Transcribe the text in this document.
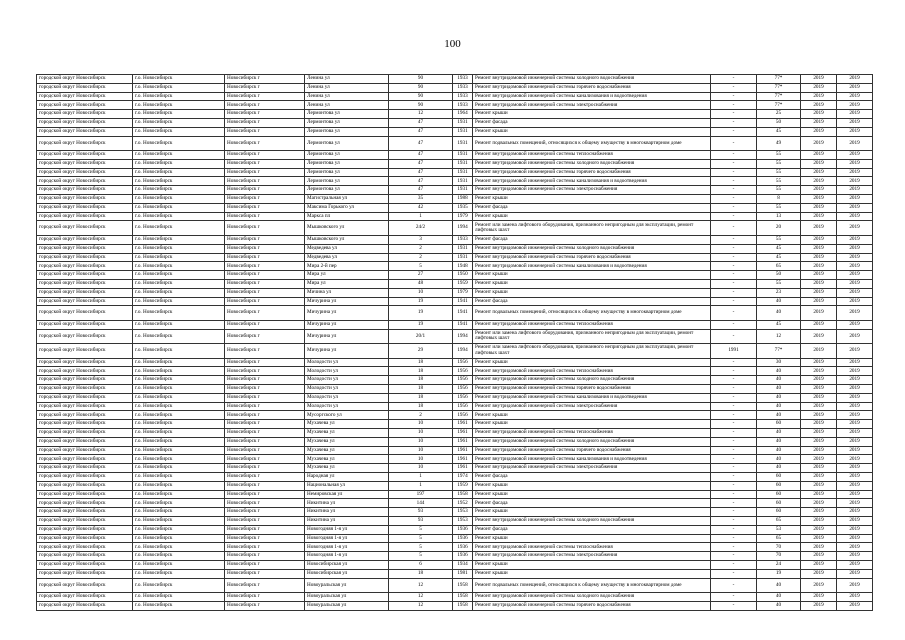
100
городской округ Новосибирск	г.о. Новосибирск	Новосибирск г	Ленина ул	90	1933	Ремонт внутридомовой инженерной системы холодного водоснабжения	-	77*	2019	2019
городской округ Новосибирск	г.о. Новосибирск	Новосибирск г	Ленина ул	90	1933	Ремонт внутридомовой инженерной системы горячего водоснабжения	-	77*	2019	2019
городской округ Новосибирск	г.о. Новосибирск	Новосибирск г	Ленина ул	90	1933	Ремонт внутридомовой инженерной системы канализования и водоотведения	-	77*	2019	2019
городской округ Новосибирск	г.о. Новосибирск	Новосибирск г	Ленина ул	90	1933	Ремонт внутридомовой инженерной системы электроснабжения	-	77*	2019	2019
городской округ Новосибирск	г.о. Новосибирск	Новосибирск г	Лермонтова ул	12	1964	Ремонт крыши	-	25	2019	2019
городской округ Новосибирск	г.о. Новосибирск	Новосибирск г	Лермонтова ул	47	1931	Ремонт фасада	-	50	2019	2019
городской округ Новосибирск	г.о. Новосибирск	Новосибирск г	Лермонтова ул	47	1931	Ремонт крыши	-	45	2019	2019
городской округ Новосибирск	г.о. Новосибирск	Новосибирск г	Лермонтова ул	47	1931	Ремонт подвальных помещений, относящихся к общему имуществу в многоквартирном доме	-	49	2019	2019
городской округ Новосибирск	г.о. Новосибирск	Новосибирск г	Лермонтова ул	47	1931	Ремонт внутридомовой инженерной системы теплоснабжения	-	55	2019	2019
городской округ Новосибирск	г.о. Новосибирск	Новосибирск г	Лермонтова ул	47	1931	Ремонт внутридомовой инженерной системы холодного водоснабжения	-	55	2019	2019
городской округ Новосибирск	г.о. Новосибирск	Новосибирск г	Лермонтова ул	47	1931	Ремонт внутридомовой инженерной системы горячего водоснабжения	-	55	2019	2019
городской округ Новосибирск	г.о. Новосибирск	Новосибирск г	Лермонтова ул	47	1931	Ремонт внутридомовой инженерной системы канализования и водоотведения	-	55	2019	2019
городской округ Новосибирск	г.о. Новосибирск	Новосибирск г	Лермонтова ул	47	1931	Ремонт внутридомовой инженерной системы электроснабжения	-	55	2019	2019
городской округ Новосибирск	г.о. Новосибирск	Новосибирск г	Магистральная ул	35	1988	Ремонт крыши	-	8	2019	2019
городской округ Новосибирск	г.о. Новосибирск	Новосибирск г	Максима Горького ул	42	1935	Ремонт фасада	-	55	2019	2019
городской округ Новосибирск	г.о. Новосибирск	Новосибирск г	Маркса пл	1	1979	Ремонт крыши	-	13	2019	2019
городской округ Новосибирск	г.о. Новосибирск	Новосибирск г	Мышковского ул	24/2	1994	Ремонт или замена лифтового оборудования, признанного непригодным для эксплуатации, ремонт лифтовых шахт	-	20	2019	2019
городской округ Новосибирск	г.о. Новосибирск	Новосибирск г	Мышковского ул	3	1933	Ремонт фасада	-	55	2019	2019
городской округ Новосибирск	г.о. Новосибирск	Новосибирск г	Медведева ул	2	1931	Ремонт внутридомовой инженерной системы холодного водоснабжения	-	45	2019	2019
городской округ Новосибирск	г.о. Новосибирск	Новосибирск г	Медведева ул	2	1931	Ремонт внутридомовой инженерной системы горячего водоснабжения	-	45	2019	2019
городской округ Новосибирск	г.о. Новосибирск	Новосибирск г	Мира 2-й пер	5	1948	Ремонт внутридомовой инженерной системы канализования и водоотведения	-	65	2019	2019
городской округ Новосибирск	г.о. Новосибирск	Новосибирск г	Мира ул	27	1950	Ремонт крыши	-	50	2019	2019
городской округ Новосибирск	г.о. Новосибирск	Новосибирск г	Мира ул	48	1959	Ремонт крыши	-	55	2019	2019
городской округ Новосибирск	г.о. Новосибирск	Новосибирск г	Мичина ул	10	1979	Ремонт крыши	-	23	2019	2019
городской округ Новосибирск	г.о. Новосибирск	Новосибирск г	Мичурина ул	19	1941	Ремонт фасада	-	40	2019	2019
городской округ Новосибирск	г.о. Новосибирск	Новосибирск г	Мичурина ул	19	1941	Ремонт подвальных помещений, относящихся к общему имуществу в многоквартирном доме	-	40	2019	2019
городской округ Новосибирск	г.о. Новосибирск	Новосибирск г	Мичурина ул	19	1941	Ремонт внутридомовой инженерной системы теплоснабжения	-	45	2019	2019
городской округ Новосибирск	г.о. Новосибирск	Новосибирск г	Мичурина ул	20/1	1994	Ремонт или замена лифтового оборудования, признанного непригодным для эксплуатации, ремонт лифтовых шахт	-	12	2019	2019
городской округ Новосибирск	г.о. Новосибирск	Новосибирск г	Мичурина ул	29	1994	Ремонт или замена лифтового оборудования, признанного непригодным для эксплуатации, ремонт лифтовых шахт	1991	77*	2019	2019
городской округ Новосибирск	г.о. Новосибирск	Новосибирск г	Молодости ул	18	1956	Ремонт крыши	-	30	2019	2019
городской округ Новосибирск	г.о. Новосибирск	Новосибирск г	Молодости ул	18	1956	Ремонт внутридомовой инженерной системы теплоснабжения	-	40	2019	2019
городской округ Новосибирск	г.о. Новосибирск	Новосибирск г	Молодости ул	18	1956	Ремонт внутридомовой инженерной системы холодного водоснабжения	-	40	2019	2019
городской округ Новосибирск	г.о. Новосибирск	Новосибирск г	Молодости ул	18	1956	Ремонт внутридомовой инженерной системы горячего водоснабжения	-	40	2019	2019
городской округ Новосибирск	г.о. Новосибирск	Новосибирск г	Молодости ул	18	1956	Ремонт внутридомовой инженерной системы канализования и водоотведения	-	40	2019	2019
городской округ Новосибирск	г.о. Новосибирск	Новосибирск г	Молодости ул	18	1956	Ремонт внутридомовой инженерной системы электроснабжения	-	40	2019	2019
городской округ Новосибирск	г.о. Новосибирск	Новосибирск г	Мусоргского ул	2	1956	Ремонт крыши	-	40	2019	2019
городской округ Новосибирск	г.о. Новосибирск	Новосибирск г	Мухачева ул	10	1961	Ремонт крыши	-	60	2019	2019
городской округ Новосибирск	г.о. Новосибирск	Новосибирск г	Мухачева ул	10	1961	Ремонт внутридомовой инженерной системы теплоснабжения	-	40	2019	2019
городской округ Новосибирск	г.о. Новосибирск	Новосибирск г	Мухачева ул	10	1961	Ремонт внутридомовой инженерной системы холодного водоснабжения	-	40	2019	2019
городской округ Новосибирск	г.о. Новосибирск	Новосибирск г	Мухачева ул	10	1961	Ремонт внутридомовой инженерной системы горячего водоснабжения	-	40	2019	2019
городской округ Новосибирск	г.о. Новосибирск	Новосибирск г	Мухачева ул	10	1961	Ремонт внутридомовой инженерной системы канализования и водоотведения	-	40	2019	2019
городской округ Новосибирск	г.о. Новосибирск	Новосибирск г	Мухачева ул	10	1961	Ремонт внутридомовой инженерной системы электроснабжения	-	40	2019	2019
городской округ Новосибирск	г.о. Новосибирск	Новосибирск г	Народная ул	1	1974	Ремонт фасада	-	60	2019	2019
городской округ Новосибирск	г.о. Новосибирск	Новосибирск г	Национальная ул	1	1959	Ремонт крыши	-	60	2019	2019
городской округ Новосибирск	г.о. Новосибирск	Новосибирск г	Немировская ул	197	1958	Ремонт крыши	-	60	2019	2019
городской округ Новосибирск	г.о. Новосибирск	Новосибирск г	Никитина ул	144	1952	Ремонт фасада	-	60	2019	2019
городской округ Новосибирск	г.о. Новосибирск	Новосибирск г	Никитина ул	93	1953	Ремонт крыши	-	60	2019	2019
городской округ Новосибирск	г.о. Новосибирск	Новосибирск г	Никитина ул	93	1953	Ремонт внутридомовой инженерной системы холодного водоснабжения	-	65	2019	2019
городской округ Новосибирск	г.о. Новосибирск	Новосибирск г	Новогодняя 1-я ул	5	1936	Ремонт фасада	-	53	2019	2019
городской округ Новосибирск	г.о. Новосибирск	Новосибирск г	Новогодняя 1-я ул	5	1936	Ремонт крыши	-	65	2019	2019
городской округ Новосибирск	г.о. Новосибирск	Новосибирск г	Новогодняя 1-я ул	5	1936	Ремонт внутридомовой инженерной системы теплоснабжения	-	70	2019	2019
городской округ Новосибирск	г.о. Новосибирск	Новосибирск г	Новогодняя 1-я ул	5	1936	Ремонт внутридомовой инженерной системы электроснабжения	-	70	2019	2019
городской округ Новосибирск	г.о. Новосибирск	Новосибирск г	Новосибирская ул	6	1934	Ремонт крыши	-	24	2019	2019
городской округ Новосибирск	г.о. Новосибирск	Новосибирск г	Новосибирская ул	18	1981	Ремонт крыши	-	19	2019	2019
городской округ Новосибирск	г.о. Новосибирск	Новосибирск г	Новоуральская ул	12	1958	Ремонт подвальных помещений, относящихся к общему имуществу в многоквартирном доме	-	40	2019	2019
городской округ Новосибирск	г.о. Новосибирск	Новосибирск г	Новоуральская ул	12	1958	Ремонт внутридомовой инженерной системы холодного водоснабжения	-	40	2019	2019
городской округ Новосибирск	г.о. Новосибирск	Новосибирск г	Новоуральская ул	12	1958	Ремонт внутридомовой инженерной системы горячего водоснабжения	-	40	2019	2019
